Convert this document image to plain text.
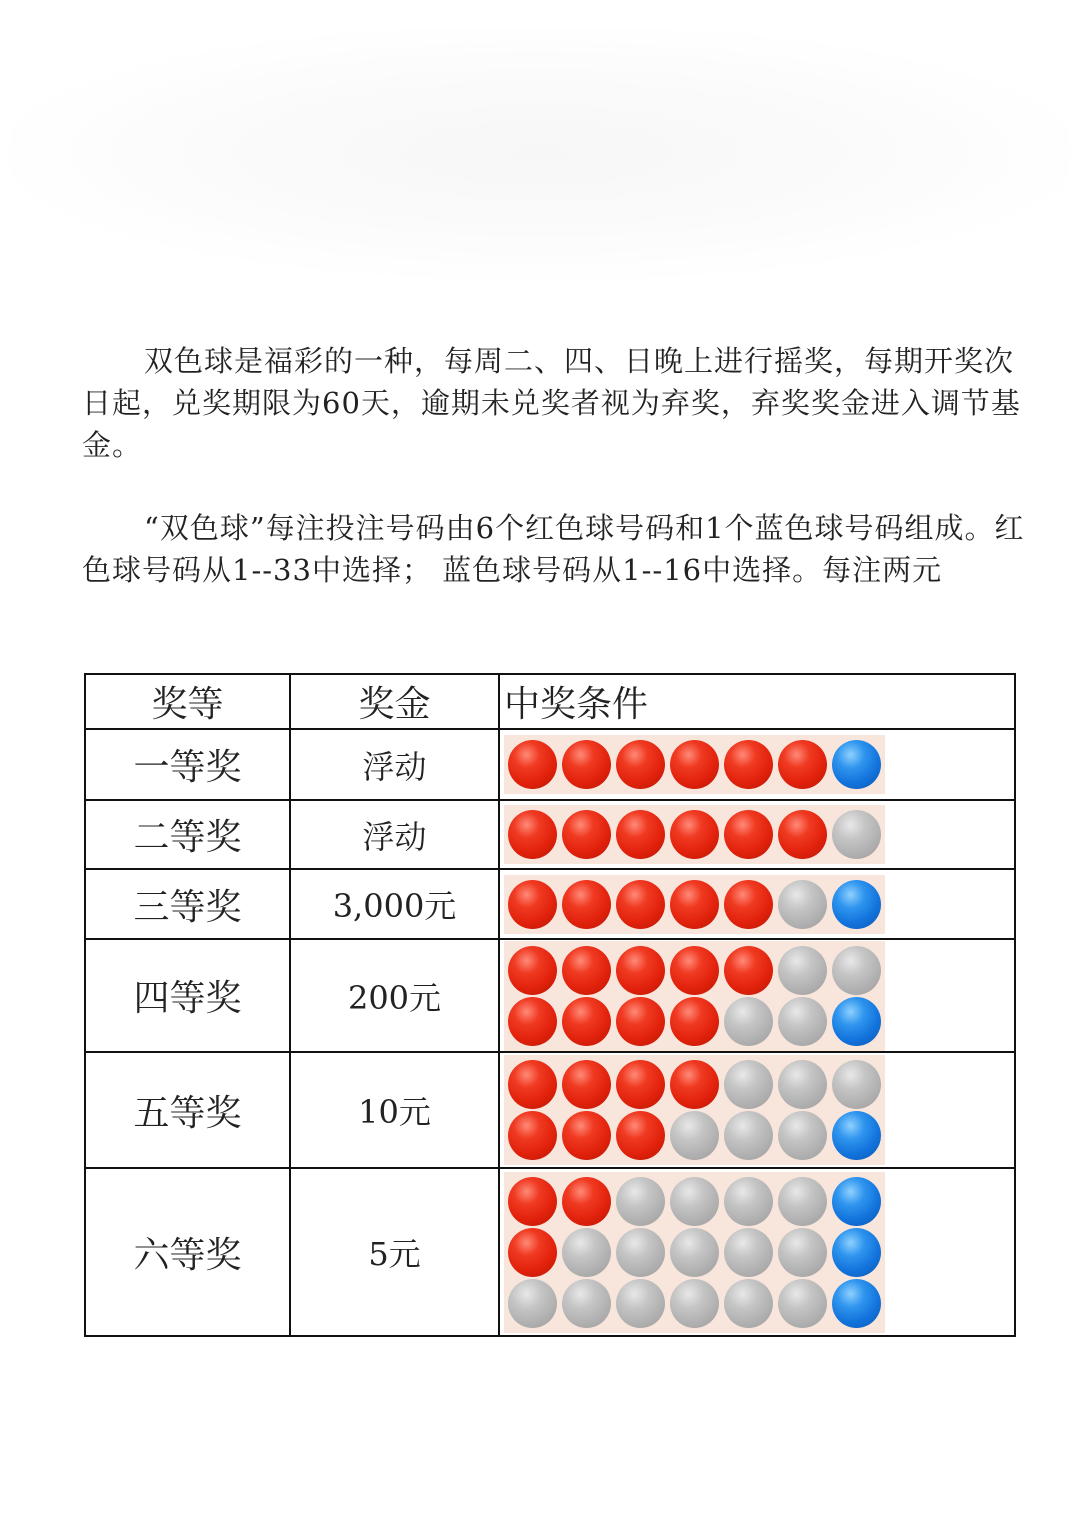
双色球是福彩的一种，每周二、四、日晚上进行摇奖，每期开奖次日起，兑奖期限为60天，逾期未兑奖者视为弃奖，弃奖奖金进入调节基金。

“双色球”每注投注号码由6个红色球号码和1个蓝色球号码组成。红色球号码从1--33中选择； 蓝色球号码从1--16中选择。每注两元

奖等	奖金	中奖条件
一等奖	浮动	

二等奖	浮动	

三等奖	3,000元	

四等奖	200元	

五等奖	10元	

六等奖	5元	
